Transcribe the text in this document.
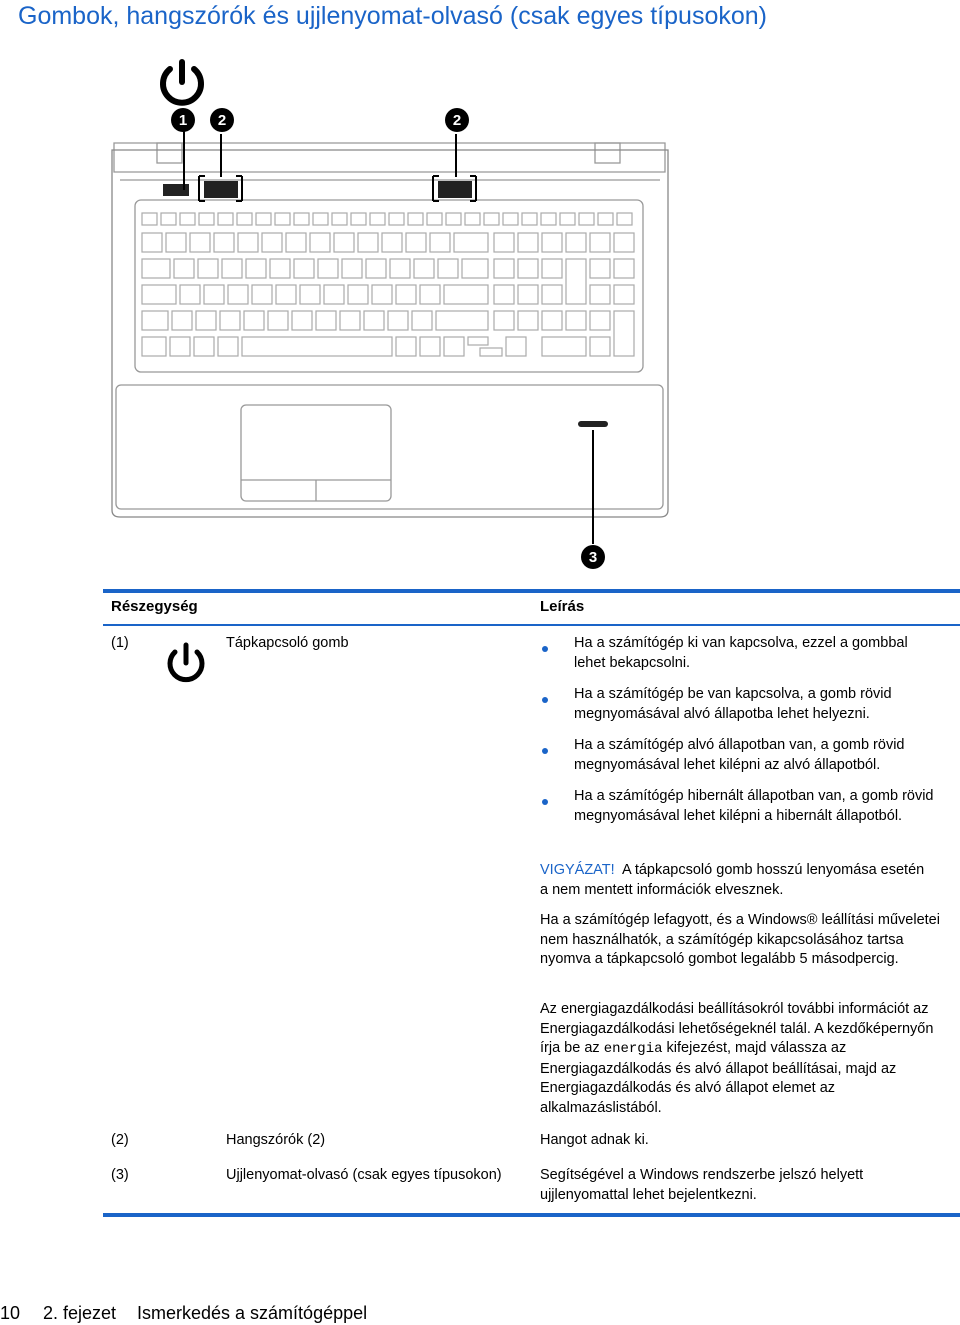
Gombok, hangszórók és ujjlenyomat-olvasó (csak egyes típusokon)
1 2	2
3
Részegység	Leírás
(1)	Tápkapcsoló gomb	Ha a számítógép ki van kapcsolva, ezzel a gombbal lehet bekapcsolni.
Ha a számítógép be van kapcsolva, a gomb rövid megnyomásával alvó állapotba lehet helyezni.
Ha a számítógép alvó állapotban van, a gomb rövid megnyomásával lehet kilépni az alvó állapotból.
Ha a számítógép hibernált állapotban van, a gomb rövid megnyomásával lehet kilépni a hibernált állapotból.
VIGYÁZAT! A tápkapcsoló gomb hosszú lenyomása esetén a nem mentett információk elvesznek.
Ha a számítógép lefagyott, és a Windows® leállítási műveletei nem használhatók, a számítógép kikapcsolásához tartsa nyomva a tápkapcsoló gombot legalább 5 másodpercig.
Az energiagazdálkodási beállításokról további információt az Energiagazdálkodási lehetőségeknél talál. A kezdőképernyőn írja be az energia kifejezést, majd válassza az Energiagazdálkodás és alvó állapot beállításai, majd az Energiagazdálkodás és alvó állapot elemet az alkalmazáslistából.
(2)	Hangszórók (2)	Hangot adnak ki.
(3)	Ujjlenyomat-olvasó (csak egyes típusokon)	Segítségével a Windows rendszerbe jelszó helyett ujjlenyomattal lehet bejelentkezni.
10 2. fejezet Ismerkedés a számítógéppel
